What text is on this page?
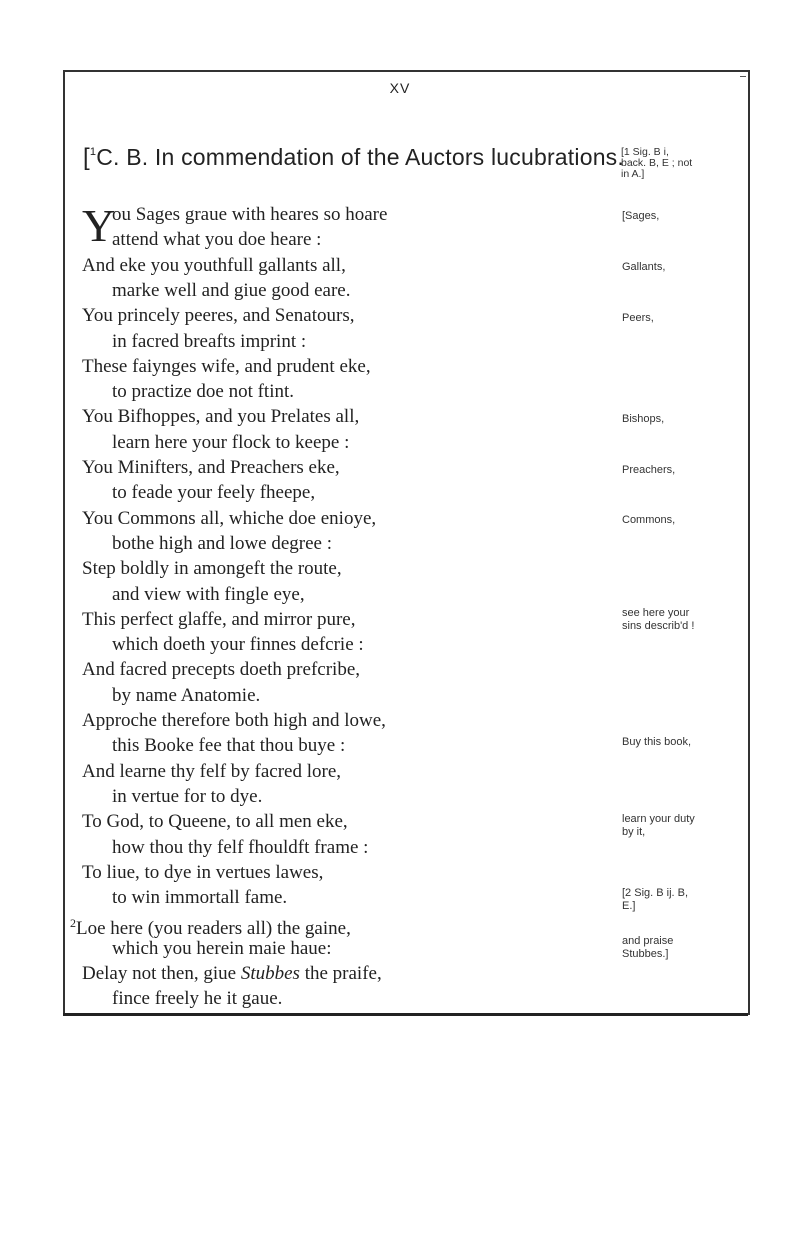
XV
[$^1$C. B. In commendation of the Auctors lucubrations.
[1 Sig. B i,
back. B, E ; not
in A.]
Y
ou Sages graue with heares so hoare
attend what you doe heare :
And eke you youthfull gallants all,
marke well and giue good eare.
You princely peeres, and Senatours,
in facred breafts imprint :
These faiynges wife, and prudent eke,
to practize doe not ftint.
You Bifhoppes, and you Prelates all,
learn here your flock to keepe :
You Minifters, and Preachers eke,
to feade your feely fheepe,
You Commons all, whiche doe enioye,
bothe high and lowe degree :
Step boldly in amongeft the route,
and view with fingle eye,
This perfect glaffe, and mirror pure,
which doeth your finnes defcrie :
And facred precepts doeth prefcribe,
by name Anatomie.
Approche therefore both high and lowe,
this Booke fee that thou buye :
And learne thy felf by facred lore,
in vertue for to dye.
To God, to Queene, to all men eke,
how thou thy felf fhouldft frame :
To liue, to dye in vertues lawes,
to win immortall fame.
$^2$Loe here (you readers all) the gaine,
which you herein maie haue:
Delay not then, giue Stubbes the praife,
fince freely he it gaue.
[Sages,
Gallants,
Peers,
Bishops,
Preachers,
Commons,
see here your
sins describ'd !
Buy this book,
learn your duty
by it,
[2 Sig. B ij. B,
E.]
and praise
Stubbes.]
